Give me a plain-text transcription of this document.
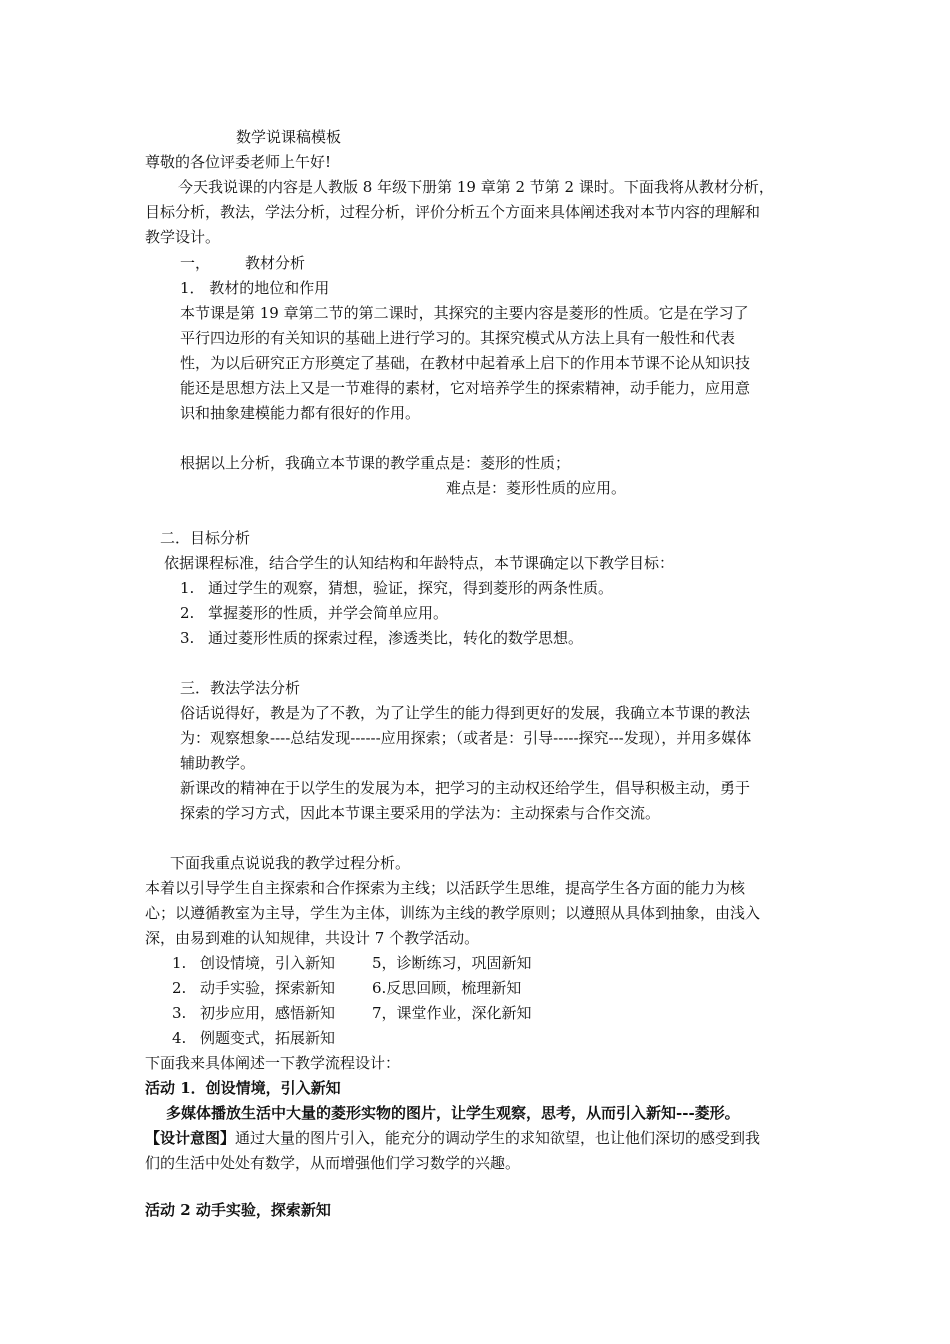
数学说课稿模板
尊敬的各位评委老师上午好!
今天我说课的内容是人教版 8 年级下册第 19 章第 2 节第 2 课时。下面我将从教材分析，
目标分析，教法，学法分析，过程分析，评价分析五个方面来具体阐述我对本节内容的理解和
教学设计。
一， 教材分析
1． 教材的地位和作用
本节课是第 19 章第二节的第二课时，其探究的主要内容是菱形的性质。它是在学习了
平行四边形的有关知识的基础上进行学习的。其探究模式从方法上具有一般性和代表
性，为以后研究正方形奠定了基础，在教材中起着承上启下的作用本节课不论从知识技
能还是思想方法上又是一节难得的素材，它对培养学生的探索精神，动手能力，应用意
识和抽象建模能力都有很好的作用。
根据以上分析，我确立本节课的教学重点是：菱形的性质；
难点是：菱形性质的应用。
二．目标分析
依据课程标准，结合学生的认知结构和年龄特点，本节课确定以下教学目标：
1. 通过学生的观察，猜想，验证，探究，得到菱形的两条性质。
2. 掌握菱形的性质，并学会简单应用。
3. 通过菱形性质的探索过程，渗透类比，转化的数学思想。
三．教法学法分析
俗话说得好，教是为了不教，为了让学生的能力得到更好的发展，我确立本节课的教法
为：观察想象----总结发现------应用探索；（或者是：引导-----探究---发现），并用多媒体
辅助教学。
新课改的精神在于以学生的发展为本，把学习的主动权还给学生，倡导积极主动，勇于
探索的学习方式，因此本节课主要采用的学法为：主动探索与合作交流。
下面我重点说说我的教学过程分析。
本着以引导学生自主探索和合作探索为主线；以活跃学生思维，提高学生各方面的能力为核
心；以遵循教室为主导，学生为主体，训练为主线的教学原则；以遵照从具体到抽象，由浅入
深，由易到难的认知规律，共设计 7 个教学活动。
1. 创设情境，引入新知 5，诊断练习，巩固新知
2. 动手实验，探索新知 6.反思回顾，梳理新知
3. 初步应用，感悟新知 7，课堂作业，深化新知
4. 例题变式，拓展新知
下面我来具体阐述一下教学流程设计：
活动 1．创设情境，引入新知
多媒体播放生活中大量的菱形实物的图片，让学生观察，思考，从而引入新知---菱形。
【设计意图】通过大量的图片引入，能充分的调动学生的求知欲望，也让他们深切的感受到我
们的生活中处处有数学，从而增强他们学习数学的兴趣。
活动 2 动手实验，探索新知
